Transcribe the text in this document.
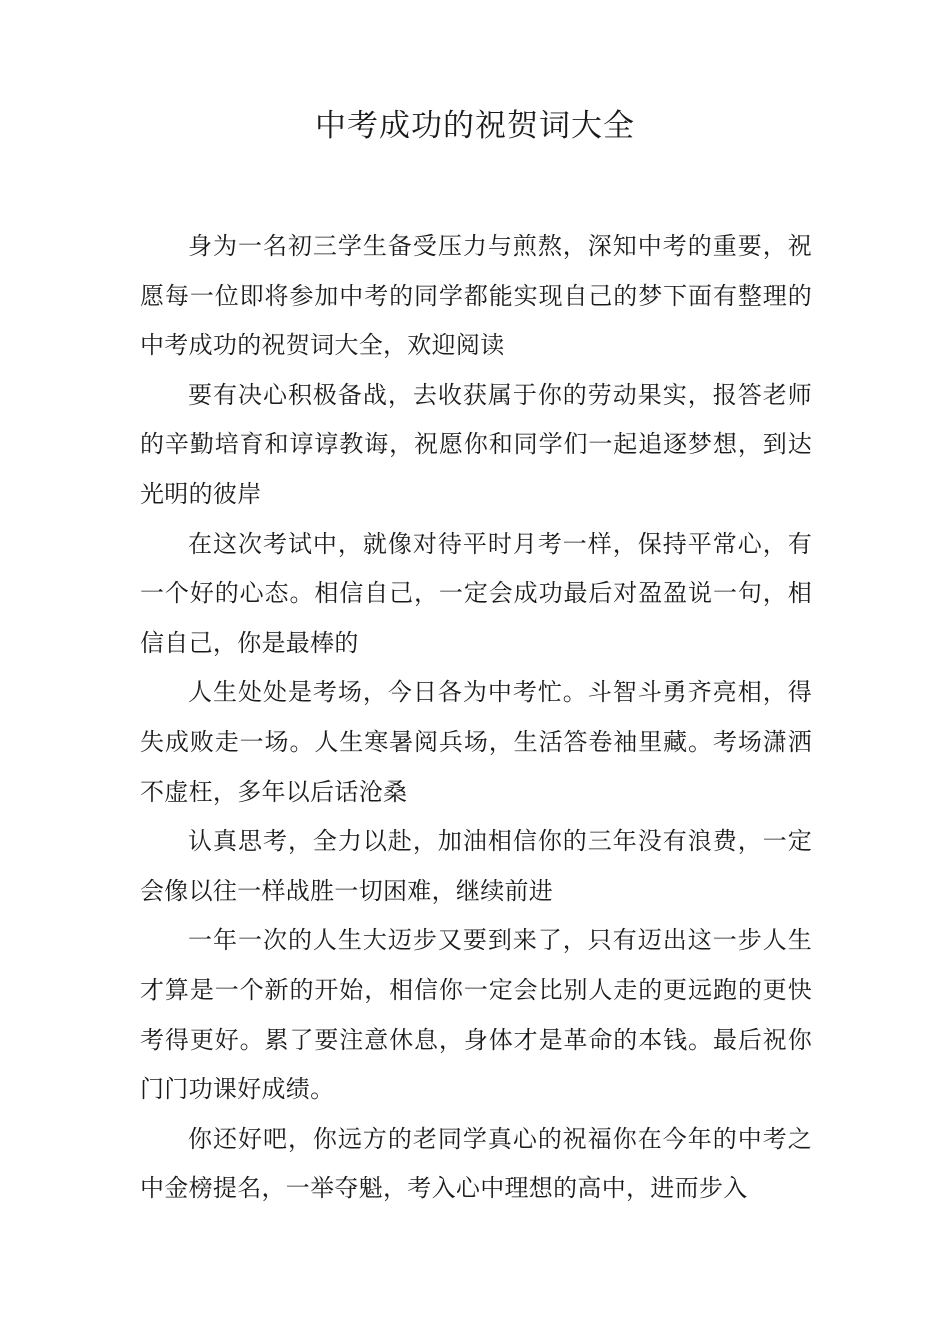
中考成功的祝贺词大全

身为一名初三学生备受压力与煎熬，深知中考的重要，祝愿每一位即将参加中考的同学都能实现自己的梦下面有整理的中考成功的祝贺词大全，欢迎阅读

要有决心积极备战，去收获属于你的劳动果实，报答老师的辛勤培育和谆谆教诲，祝愿你和同学们一起追逐梦想，到达光明的彼岸

在这次考试中，就像对待平时月考一样，保持平常心，有一个好的心态。相信自己，一定会成功最后对盈盈说一句，相信自己，你是最棒的

人生处处是考场，今日各为中考忙。斗智斗勇齐亮相，得失成败走一场。人生寒暑阅兵场，生活答卷袖里藏。考场潇洒不虚枉，多年以后话沧桑

认真思考，全力以赴，加油相信你的三年没有浪费，一定会像以往一样战胜一切困难，继续前进

一年一次的人生大迈步又要到来了，只有迈出这一步人生才算是一个新的开始，相信你一定会比别人走的更远跑的更快考得更好。累了要注意休息，身体才是革命的本钱。最后祝你门门功课好成绩。

你还好吧，你远方的老同学真心的祝福你在今年的中考之中金榜提名，一举夺魁，考入心中理想的高中，进而步入
